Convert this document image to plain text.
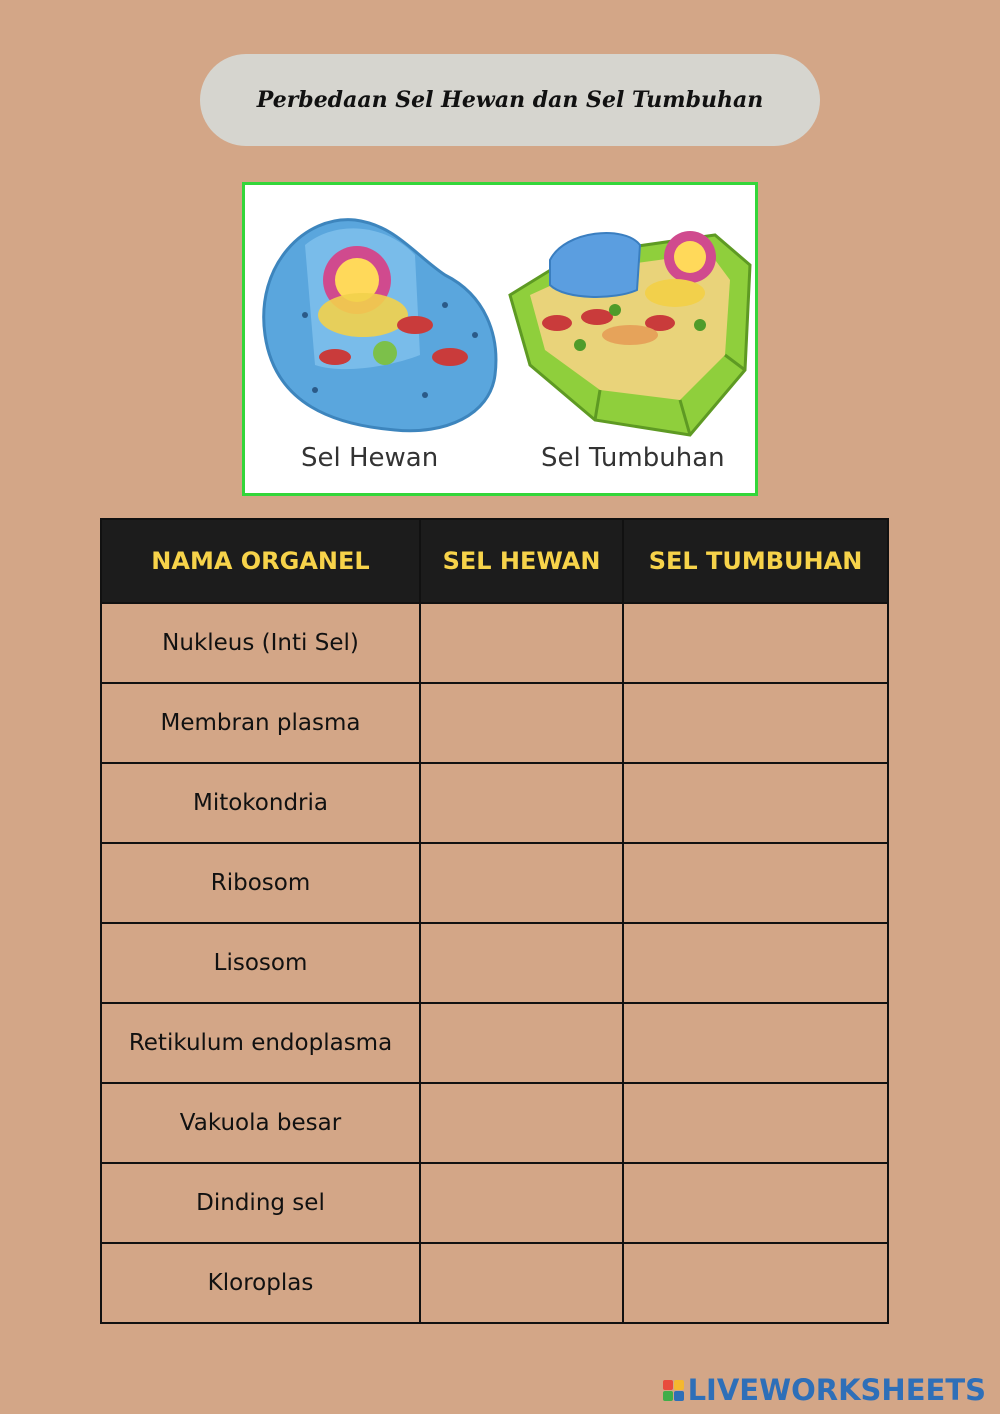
Perbedaan Sel Hewan dan Sel Tumbuhan
Sel Hewan	Sel Tumbuhan
NAMA ORGANEL	SEL HEWAN	SEL TUMBUHAN
Nukleus (Inti Sel)		
Membran plasma		
Mitokondria		
Ribosom		
Lisosom		
Retikulum endoplasma		
Vakuola besar		
Dinding sel		
Kloroplas		
LIVEWORKSHEETS
